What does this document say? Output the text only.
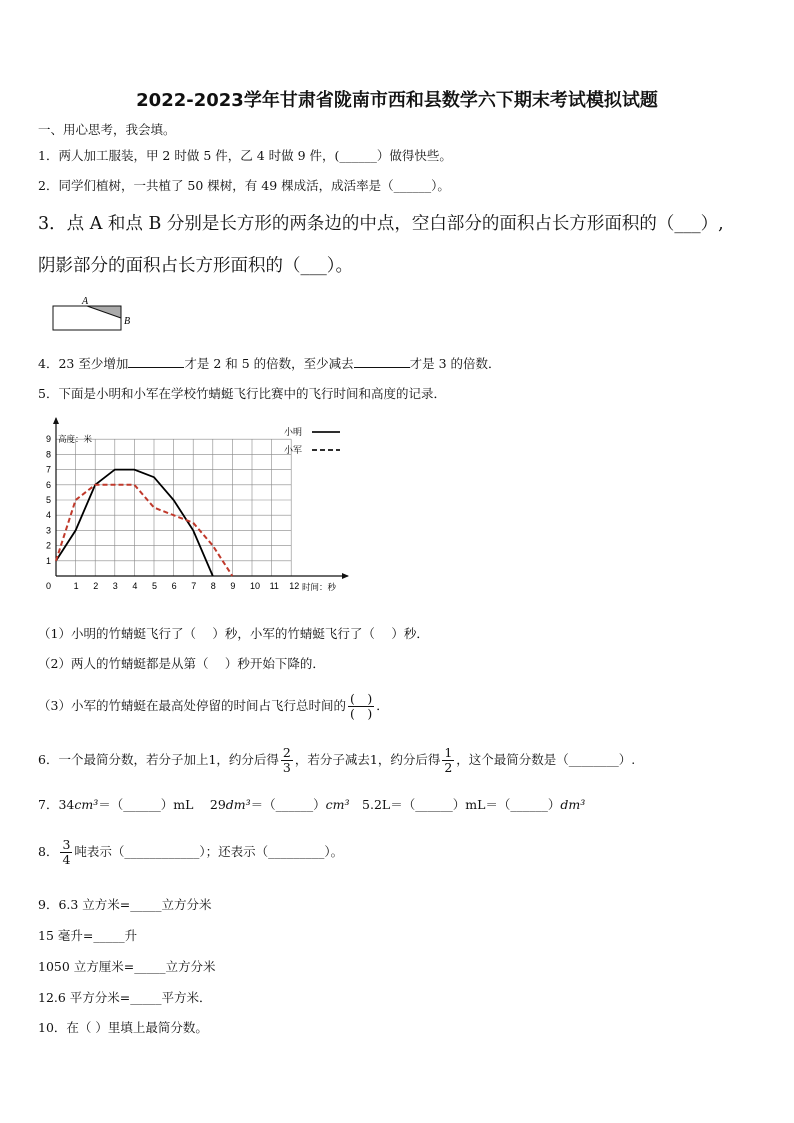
2022-2023学年甘肃省陇南市西和县数学六下期末考试模拟试题
一、用心思考，我会填。
1．两人加工服装，甲 2 时做 5 件，乙 4 时做 9 件，(______）做得快些。
2．同学们植树，一共植了 50 棵树，有 49 棵成活，成活率是（______）。
3．点 A 和点 B 分别是长方形的两条边的中点，空白部分的面积占长方形面积的（___）,
阴影部分的面积占长方形面积的（___）。
A
B
4．23 至少增加	才是 2 和 5 的倍数，至少减去	才是 3 的倍数．
5．下面是小明和小军在学校竹蜻蜓飞行比赛中的飞行时间和高度的记录．
0	1 2 3 4 5 6 7 8 9 10 11 12
1
2
3
4
5
6
7
8
9 高度：米
时间：秒
小明
小军
（1）小明的竹蜻蜓飞行了（　 ）秒，小军的竹蜻蜓飞行了（　 ）秒．
（2）两人的竹蜻蜓都是从第（　 ）秒开始下降的．
（3）小军的竹蜻蜓在最高处停留的时间占飞行总时间的 $\frac{( )}{( )}$ ．
6．一个最简分数，若分子加上1，约分后得 $\frac{2}{3}$ ，若分子减去1，约分后得 $\frac{1}{2}$ ，这个最简分数是（________）.
7．34cm³＝（______）mL　 29dm³＝（______）cm³　5.2L＝（______）mL＝（______）dm³
8． $\frac{3}{4}$ 吨表示（____________）；还表示（_________）。
9．6.3 立方米=_____立方分米
15 毫升=_____升
1050 立方厘米=_____立方分米
12.6 平方分米=_____平方米．
10．在（ ）里填上最简分数。
